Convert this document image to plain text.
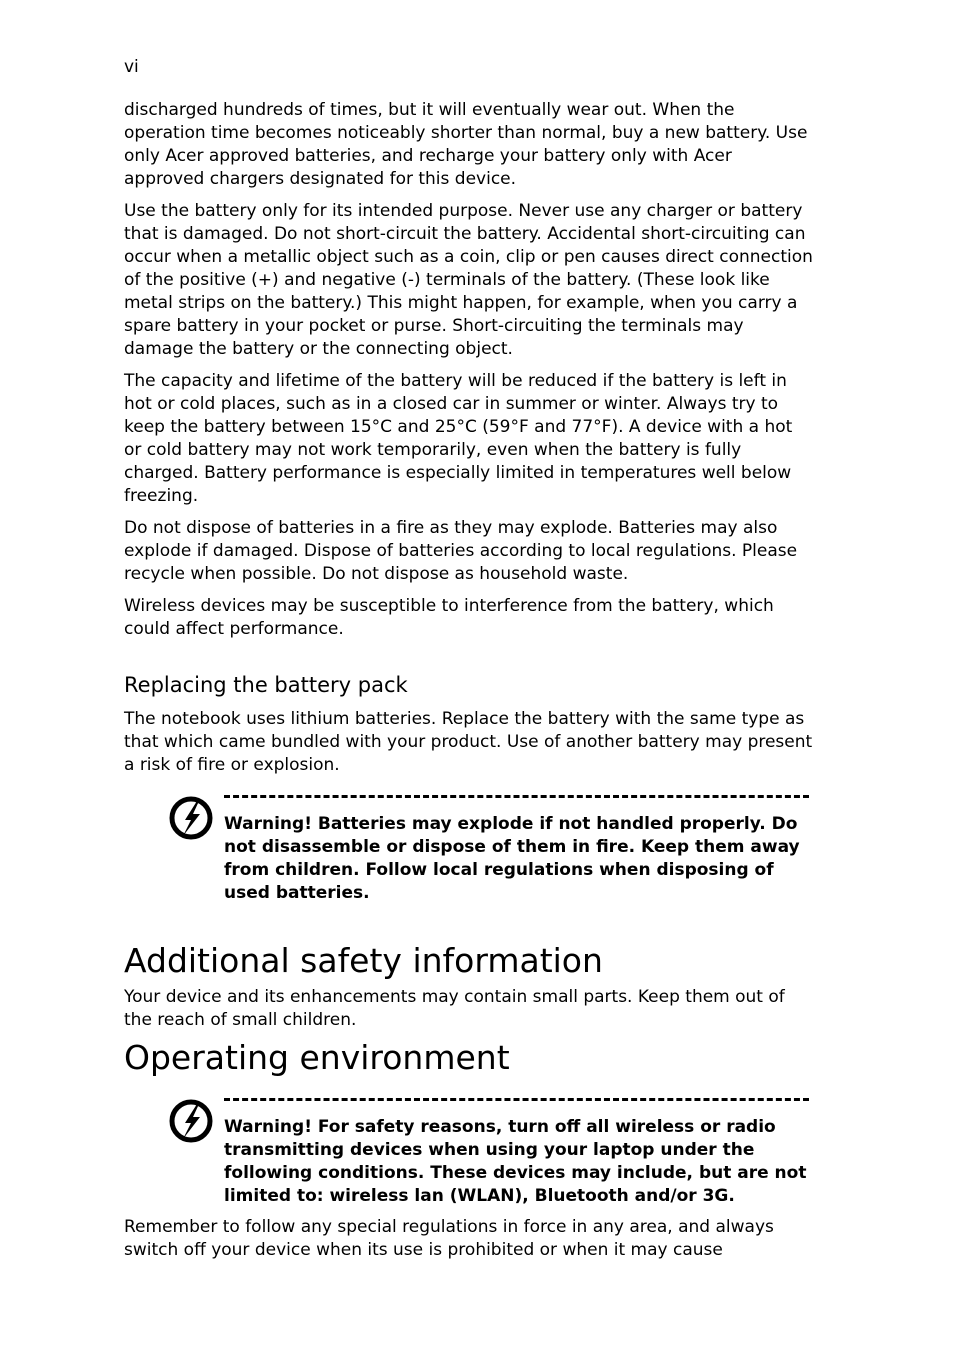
vi

discharged hundreds of times, but it will eventually wear out. When the operation time becomes noticeably shorter than normal, buy a new battery. Use only Acer approved batteries, and recharge your battery only with Acer approved chargers designated for this device.

Use the battery only for its intended purpose. Never use any charger or battery that is damaged. Do not short-circuit the battery. Accidental short-circuiting can occur when a metallic object such as a coin, clip or pen causes direct connection of the positive (+) and negative (-) terminals of the battery. (These look like metal strips on the battery.) This might happen, for example, when you carry a spare battery in your pocket or purse. Short-circuiting the terminals may damage the battery or the connecting object.

The capacity and lifetime of the battery will be reduced if the battery is left in hot or cold places, such as in a closed car in summer or winter. Always try to keep the battery between 15°C and 25°C (59°F and 77°F). A device with a hot or cold battery may not work temporarily, even when the battery is fully charged. Battery performance is especially limited in temperatures well below freezing.

Do not dispose of batteries in a fire as they may explode. Batteries may also explode if damaged. Dispose of batteries according to local regulations. Please recycle when possible. Do not dispose as household waste.

Wireless devices may be susceptible to interference from the battery, which could affect performance.

Replacing the battery pack

The notebook uses lithium batteries. Replace the battery with the same type as that which came bundled with your product. Use of another battery may present a risk of fire or explosion.

Warning! Batteries may explode if not handled properly. Do not disassemble or dispose of them in fire. Keep them away from children. Follow local regulations when disposing of used batteries.

Additional safety information

Your device and its enhancements may contain small parts. Keep them out of the reach of small children.

Operating environment

Warning! For safety reasons, turn off all wireless or radio transmitting devices when using your laptop under the following conditions. These devices may include, but are not limited to: wireless lan (WLAN), Bluetooth and/or 3G.

Remember to follow any special regulations in force in any area, and always switch off your device when its use is prohibited or when it may cause
